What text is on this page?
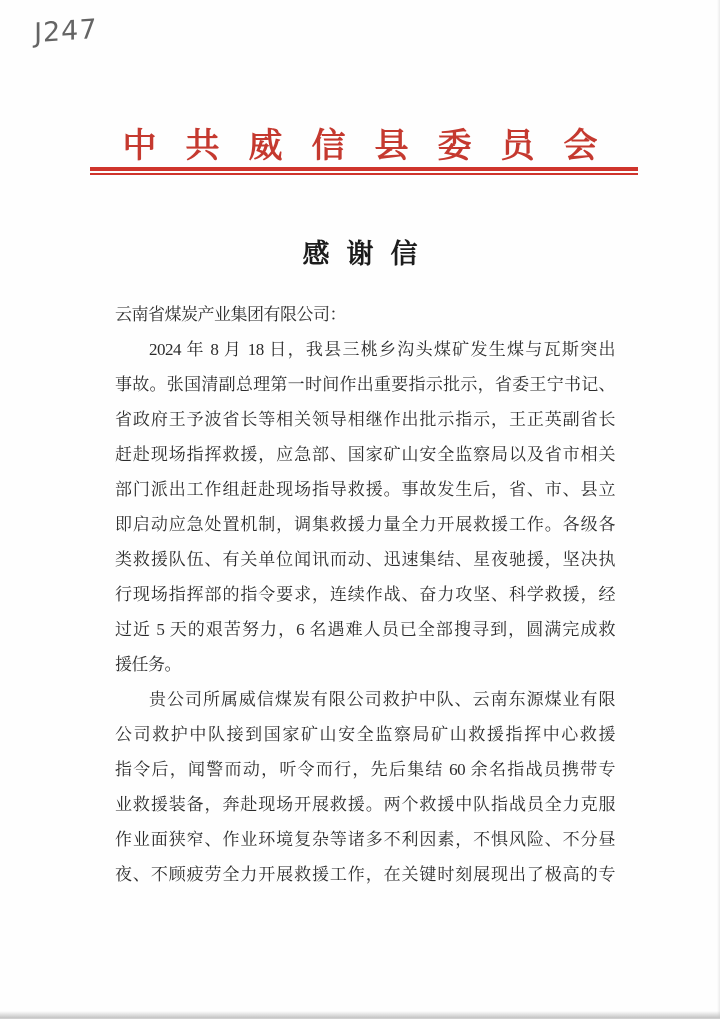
J247
中共威信县委员会
感谢信
云南省煤炭产业集团有限公司：
2024 年 8 月 18 日，我县三桃乡沟头煤矿发生煤与瓦斯突出
事故。张国清副总理第一时间作出重要指示批示，省委王宁书记、
省政府王予波省长等相关领导相继作出批示指示，王正英副省长
赶赴现场指挥救援，应急部、国家矿山安全监察局以及省市相关
部门派出工作组赶赴现场指导救援。事故发生后，省、市、县立
即启动应急处置机制，调集救援力量全力开展救援工作。各级各
类救援队伍、有关单位闻讯而动、迅速集结、星夜驰援，坚决执
行现场指挥部的指令要求，连续作战、奋力攻坚、科学救援，经
过近 5 天的艰苦努力，6 名遇难人员已全部搜寻到，圆满完成救
援任务。
贵公司所属威信煤炭有限公司救护中队、云南东源煤业有限
公司救护中队接到国家矿山安全监察局矿山救援指挥中心救援
指令后，闻警而动，听令而行，先后集结 60 余名指战员携带专
业救援装备，奔赴现场开展救援。两个救援中队指战员全力克服
作业面狭窄、作业环境复杂等诸多不利因素，不惧风险、不分昼
夜、不顾疲劳全力开展救援工作，在关键时刻展现出了极高的专
